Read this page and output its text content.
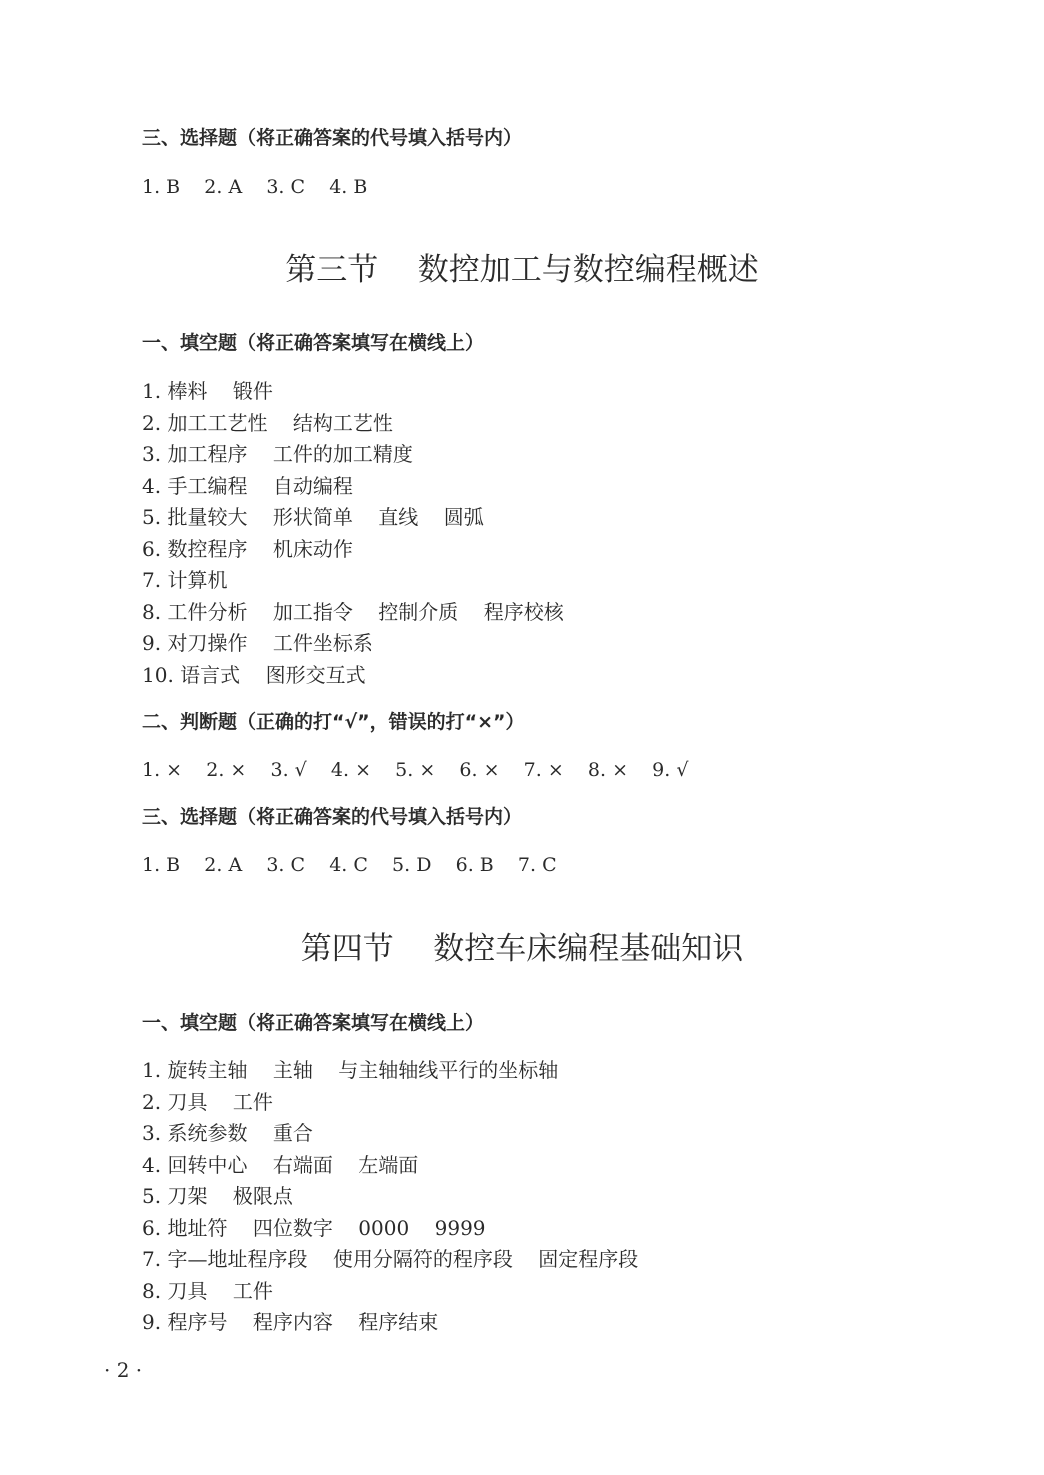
三、选择题（将正确答案的代号填入括号内）
1. B    2. A    3. C    4. B
第三节    数控加工与数控编程概述
一、填空题（将正确答案填写在横线上）
1. 棒料    锻件
2. 加工工艺性    结构工艺性
3. 加工程序    工件的加工精度
4. 手工编程    自动编程
5. 批量较大    形状简单    直线    圆弧
6. 数控程序    机床动作
7. 计算机
8. 工件分析    加工指令    控制介质    程序校核
9. 对刀操作    工件坐标系
10. 语言式    图形交互式
二、判断题（正确的打“√”，错误的打“×”）
1. ×    2. ×    3. √    4. ×    5. ×    6. ×    7. ×    8. ×    9. √
三、选择题（将正确答案的代号填入括号内）
1. B    2. A    3. C    4. C    5. D    6. B    7. C
第四节    数控车床编程基础知识
一、填空题（将正确答案填写在横线上）
1. 旋转主轴    主轴    与主轴轴线平行的坐标轴
2. 刀具    工件
3. 系统参数    重合
4. 回转中心    右端面    左端面
5. 刀架    极限点
6. 地址符    四位数字    0000    9999
7. 字—地址程序段    使用分隔符的程序段    固定程序段
8. 刀具    工件
9. 程序号    程序内容    程序结束
· 2 ·
